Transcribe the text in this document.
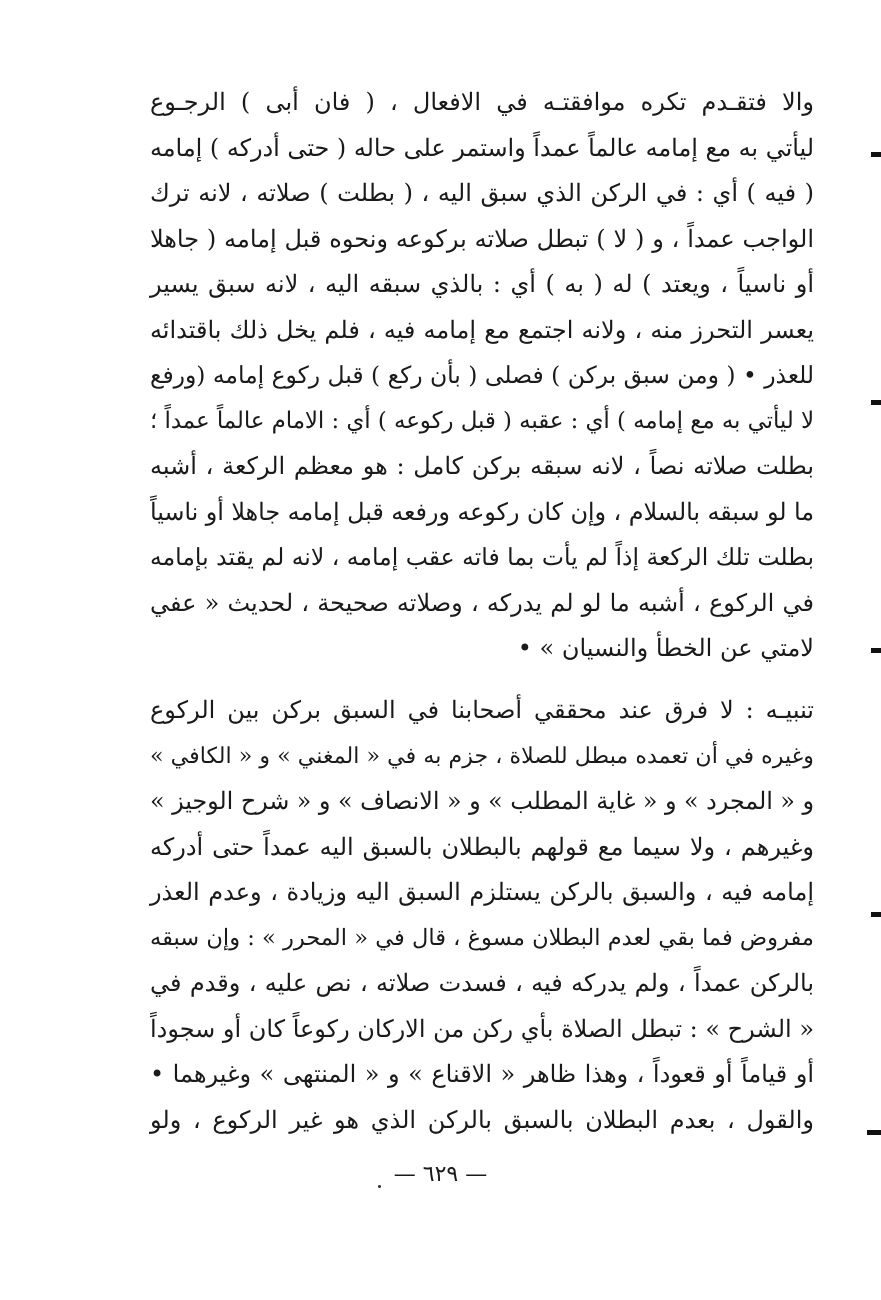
والا فتقـدم تكره موافقتـه في الافعال ، ( فان أبى ) الرجـوع
ليأتي به مع إمامه عالماً عمداً واستمر على حاله ( حتى أدركه ) إمامه
( فيه ) أي : في الركن الذي سبق اليه ، ( بطلت ) صلاته ، لانه ترك
الواجب عمداً ، و ( لا ) تبطل صلاته بركوعه ونحوه قبل إمامه ( جاهلا
أو ناسياً ، ويعتد ) له ( به ) أي : بالذي سبقه اليه ، لانه سبق يسير
يعسر التحرز منه ، ولانه اجتمع مع إمامه فيه ، فلم يخل ذلك باقتدائه
للعذر • ( ومن سبق بركن ) فصلى ( بأن ركع ) قبل ركوع إمامه (ورفع
لا ليأتي به مع إمامه ) أي : عقبه ( قبل ركوعه ) أي : الامام عالماً عمداً ؛
بطلت صلاته نصاً ، لانه سبقه بركن كامل : هو معظم الركعة ، أشبه
ما لو سبقه بالسلام ، وإن كان ركوعه ورفعه قبل إمامه جاهلا أو ناسياً
بطلت تلك الركعة إذاً لم يأت بما فاته عقب إمامه ، لانه لم يقتد بإمامه
في الركوع ، أشبه ما لو لم يدركه ، وصلاته صحيحة ، لحديث « عفي
لامتي عن الخطأ والنسيان » •
تنبيـه : لا فرق عند محققي أصحابنا في السبق بركن بين الركوع
وغيره في أن تعمده مبطل للصلاة ، جزم به في « المغني » و « الكافي »
و « المجرد » و « غاية المطلب » و « الانصاف » و « شرح الوجيز »
وغيرهم ، ولا سيما مع قولهم بالبطلان بالسبق اليه عمداً حتى أدركه
إمامه فيه ، والسبق بالركن يستلزم السبق اليه وزيادة ، وعدم العذر
مفروض فما بقي لعدم البطلان مسوغ ، قال في « المحرر » : وإن سبقه
بالركن عمداً ، ولم يدركه فيه ، فسدت صلاته ، نص عليه ، وقدم في
« الشرح » : تبطل الصلاة بأي ركن من الاركان ركوعاً كان أو سجوداً
أو قياماً أو قعوداً ، وهذا ظاهر « الاقناع » و « المنتهى » وغيرهما •
والقول ، بعدم البطلان بالسبق بالركن الذي هو غير الركوع ، ولو
— ٦٢٩ —
